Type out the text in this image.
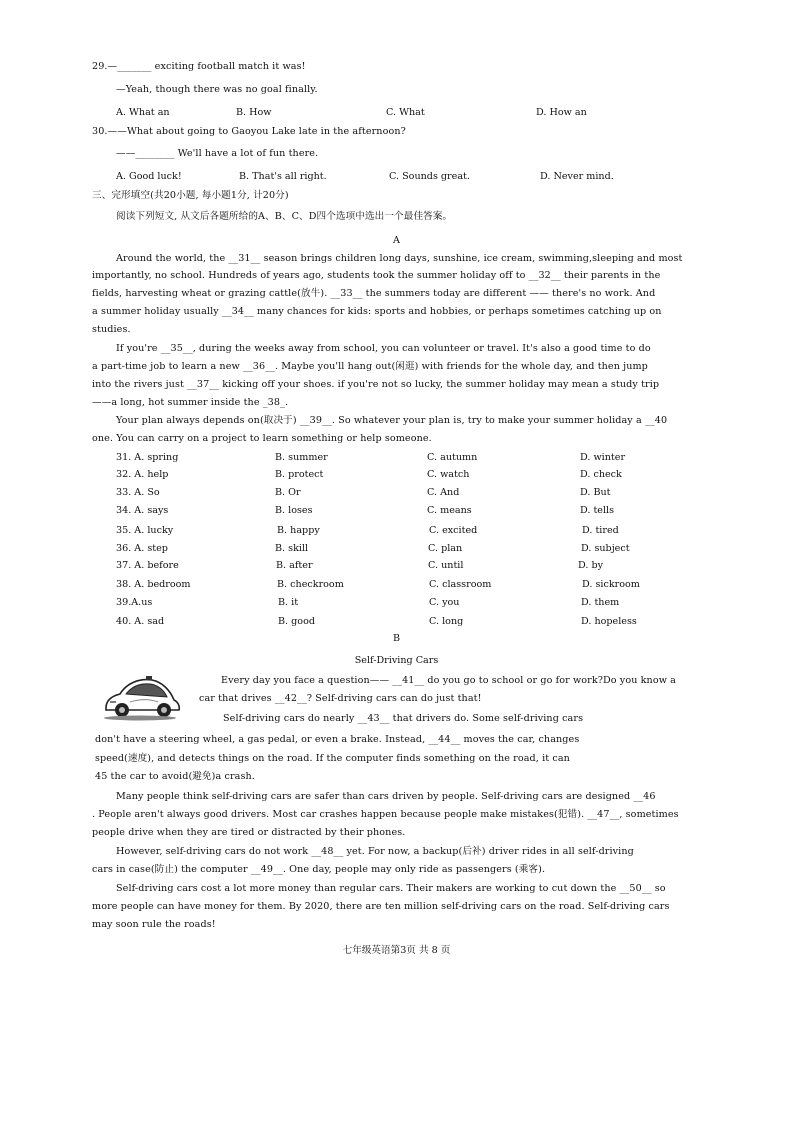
29.—_______ exciting football match it was!
—Yeah, though there was no goal finally.
A. What an	B. How	C. What	D. How an
30.——What about going to Gaoyou Lake late in the afternoon?
——________ We'll have a lot of fun there.
A. Good luck!	B. That's all right.	C. Sounds great.	D. Never mind.
三、完形填空(共20小题, 每小题1分, 计20分)
阅读下列短文, 从文后各题所给的A、B、C、D四个选项中选出一个最佳答案。
A
Around the world, the __31__ season brings children long days, sunshine, ice cream, swimming,sleeping and most
importantly, no school. Hundreds of years ago, students took the summer holiday off to __32__ their parents in the
fields, harvesting wheat or grazing cattle(放牛). __33__ the summers today are different —— there's no work. And
a summer holiday usually __34__ many chances for kids: sports and hobbies, or perhaps sometimes catching up on
studies.
If you're __35__, during the weeks away from school, you can volunteer or travel. It's also a good time to do
a part-time job to learn a new __36__. Maybe you'll hang out(闲逛) with friends for the whole day, and then jump
into the rivers just __37__ kicking off your shoes. if you're not so lucky, the summer holiday may mean a study trip
——a long, hot summer inside the _38_.
Your plan always depends on(取决于) __39__. So whatever your plan is, try to make your summer holiday a __40
one. You can carry on a project to learn something or help someone.
31. A. spring	B. summer	C. autumn	D. winter
32. A. help	B. protect	C. watch	D. check
33. A. So	B. Or	C. And	D. But
34. A. says	B. loses	C. means	D. tells
35. A. lucky	B. happy	C. excited	D. tired
36. A. step	B. skill	C. plan	D. subject
37. A. before	B. after	C. until	D. by
38. A. bedroom	B. checkroom	C. classroom	D. sickroom
39.A.us	B. it	C. you	D. them
40. A. sad	B. good	C. long	D. hopeless
B
Self-Driving Cars
Every day you face a question—— __41__ do you go to school or go for work?Do you know a
car that drives __42__? Self-driving cars can do just that!
Self-driving cars do nearly __43__ that drivers do. Some self-driving cars
don't have a steering wheel, a gas pedal, or even a brake. Instead, __44__ moves the car, changes
speed(速度), and detects things on the road. If the computer finds something on the road, it can
45 the car to avoid(避免)a crash.
Many people think self-driving cars are safer than cars driven by people. Self-driving cars are designed __46
. People aren't always good drivers. Most car crashes happen because people make mistakes(犯错). __47__, sometimes
people drive when they are tired or distracted by their phones.
However, self-driving cars do not work __48__ yet. For now, a backup(后补) driver rides in all self-driving
cars in case(防止) the computer __49__. One day, people may only ride as passengers (乘客).
Self-driving cars cost a lot more money than regular cars. Their makers are working to cut down the __50__ so
more people can have money for them. By 2020, there are ten million self-driving cars on the road. Self-driving cars
may soon rule the roads!
七年级英语第3页 共 8 页
